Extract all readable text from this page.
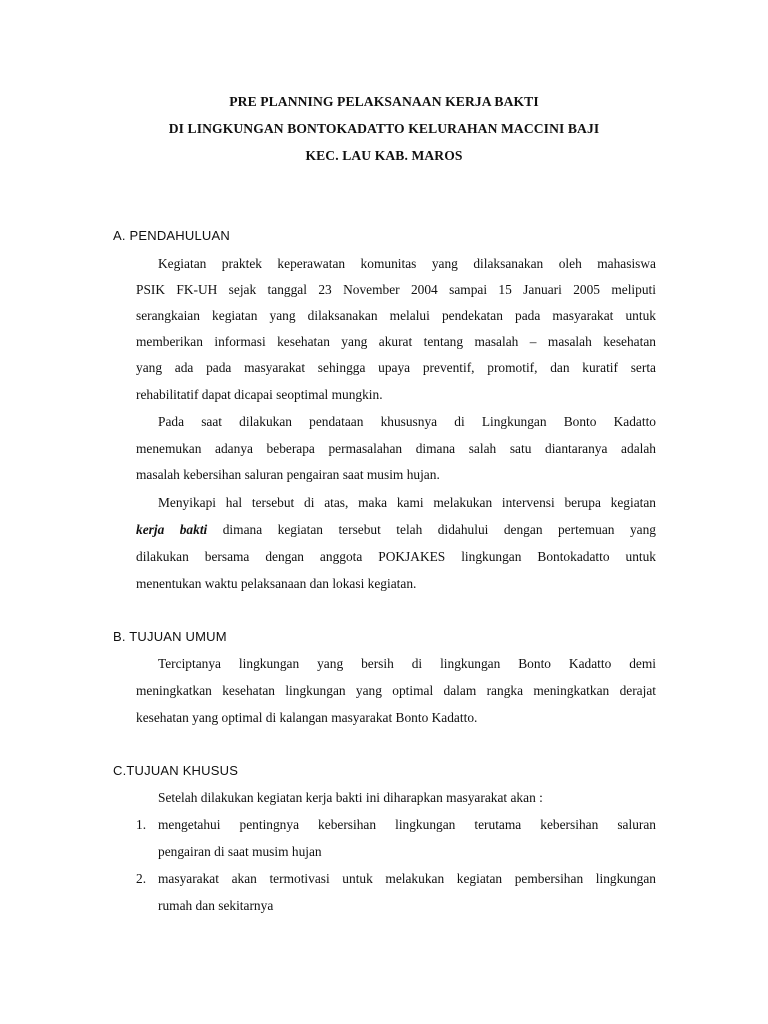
PRE PLANNING PELAKSANAAN KERJA BAKTI
DI LINGKUNGAN BONTOKADATTO KELURAHAN MACCINI BAJI
KEC. LAU KAB. MAROS
A. PENDAHULUAN
Kegiatan praktek keperawatan komunitas yang dilaksanakan oleh mahasiswa
PSIK FK-UH sejak tanggal 23 November 2004 sampai 15 Januari 2005 meliputi
serangkaian kegiatan yang dilaksanakan melalui pendekatan pada masyarakat untuk
memberikan informasi kesehatan yang akurat tentang masalah – masalah kesehatan
yang ada pada masyarakat sehingga upaya preventif, promotif, dan kuratif serta
rehabilitatif dapat dicapai seoptimal mungkin.
Pada saat dilakukan pendataan khususnya di Lingkungan Bonto Kadatto
menemukan adanya beberapa permasalahan dimana salah satu diantaranya adalah
masalah kebersihan saluran pengairan saat musim hujan.
Menyikapi hal tersebut di atas, maka kami melakukan intervensi berupa kegiatan
kerja bakti dimana kegiatan tersebut telah didahului dengan pertemuan yang
dilakukan bersama dengan anggota POKJAKES lingkungan Bontokadatto untuk
menentukan waktu pelaksanaan dan lokasi kegiatan.
B. TUJUAN UMUM
Terciptanya lingkungan yang bersih di lingkungan Bonto Kadatto demi
meningkatkan kesehatan lingkungan yang optimal dalam rangka meningkatkan derajat
kesehatan yang optimal di kalangan masyarakat Bonto Kadatto.
C.TUJUAN KHUSUS
Setelah dilakukan kegiatan kerja bakti ini diharapkan masyarakat akan :
1. mengetahui pentingnya kebersihan lingkungan terutama kebersihan saluran
pengairan di saat musim hujan
2. masyarakat akan termotivasi untuk melakukan kegiatan pembersihan lingkungan
rumah dan sekitarnya
